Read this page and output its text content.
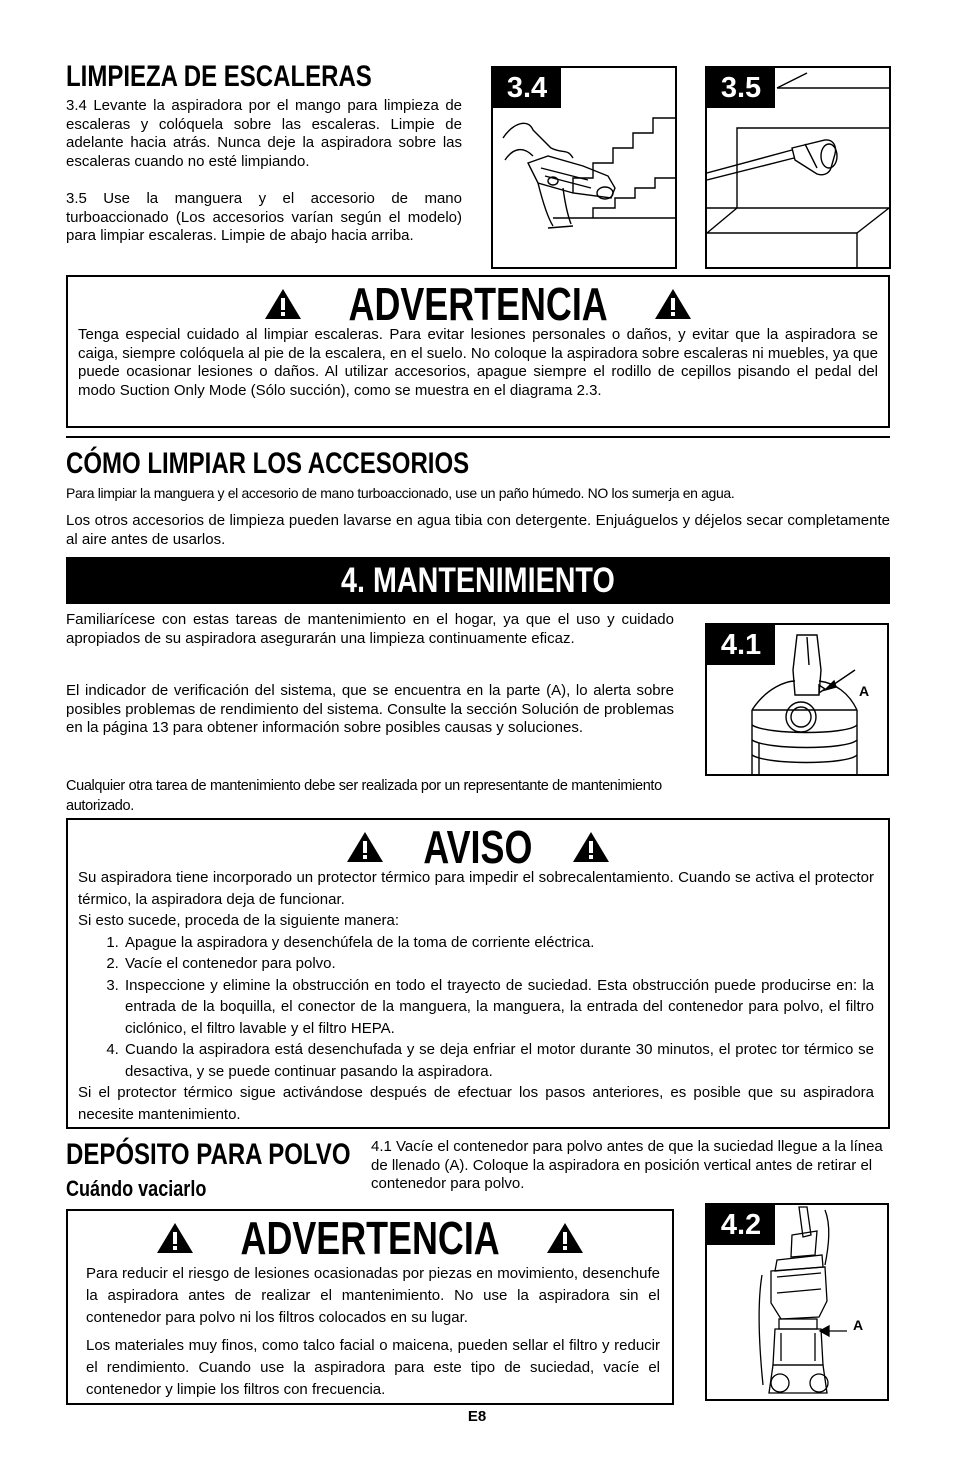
LIMPIEZA DE ESCALERAS

3.4 Levante la aspiradora por el mango para limpieza de escaleras y colóquela sobre las escaleras. Limpie de adelante hacia atrás. Nunca deje la aspiradora sobre las escaleras cuando no esté limpiando.

3.5 Use la manguera y el accesorio de mano turboaccionado (Los accesorios varían según el modelo) para limpiar escaleras. Limpie de abajo hacia arriba.

3.4	3.5
ADVERTENCIA

Tenga especial cuidado al limpiar escaleras. Para evitar lesiones personales o daños, y evitar que la aspiradora se caiga, siempre colóquela al pie de la escalera, en el suelo. No coloque la aspiradora sobre escaleras ni muebles, ya que puede ocasionar lesiones o daños. Al utilizar accesorios, apague siempre el rodillo de cepillos pisando el pedal del modo Suction Only Mode (Sólo succión), como se muestra en el diagrama 2.3.

CÓMO LIMPIAR LOS ACCESORIOS

Para limpiar la manguera y el accesorio de mano turboaccionado, use un paño húmedo. NO los sumerja en agua.

Los otros accesorios de limpieza pueden lavarse en agua tibia con detergente. Enjuáguelos y déjelos secar completamente al aire antes de usarlos.

4. MANTENIMIENTO

Familiarícese con estas tareas de mantenimiento en el hogar, ya que el uso y cuidado apropiados de su aspiradora asegurarán una limpieza continuamente eficaz.

El indicador de verificación del sistema, que se encuentra en la parte (A), lo alerta sobre posibles problemas de rendimiento del sistema. Consulte la sección Solución de problemas en la página 13 para obtener información sobre posibles causas y soluciones.

Cualquier otra tarea de mantenimiento debe ser realizada por un representante de mantenimiento autorizado.

4.1
A
AVISO

Su aspiradora tiene incorporado un protector térmico para impedir el sobrecalentamiento. Cuando se activa el protector térmico, la aspiradora deja de funcionar.

Si esto sucede, proceda de la siguiente manera:

1. Apague la aspiradora y desenchúfela de la toma de corriente eléctrica.
2. Vacíe el contenedor para polvo.
3. Inspeccione y elimine la obstrucción en todo el trayecto de suciedad. Esta obstrucción puede producirse en: la entrada de la boquilla, el conector de la manguera, la manguera, la entrada del contenedor para polvo, el filtro ciclónico, el filtro lavable y el filtro HEPA.
4. Cuando la aspiradora está desenchufada y se deja enfriar el motor durante 30 minutos, el protec tor térmico se desactiva, y se puede continuar pasando la aspiradora.

Si el protector térmico sigue activándose después de efectuar los pasos anteriores, es posible que su aspiradora necesite mantenimiento.

DEPÓSITO PARA POLVO
Cuándo vaciarlo

4.1 Vacíe el contenedor para polvo antes de que la suciedad llegue a la línea de llenado (A). Coloque la aspiradora en posición vertical antes de retirar el contenedor para polvo.

ADVERTENCIA

Para reducir el riesgo de lesiones ocasionadas por piezas en movimiento, desenchufe la aspiradora antes de realizar el mantenimiento. No use la aspiradora sin el contenedor para polvo ni los filtros colocados en su lugar.

Los materiales muy finos, como talco facial o maicena, pueden sellar el filtro y reducir el rendimiento. Cuando use la aspiradora para este tipo de suciedad, vacíe el contenedor y limpie los filtros con frecuencia.

4.2
A
E8
